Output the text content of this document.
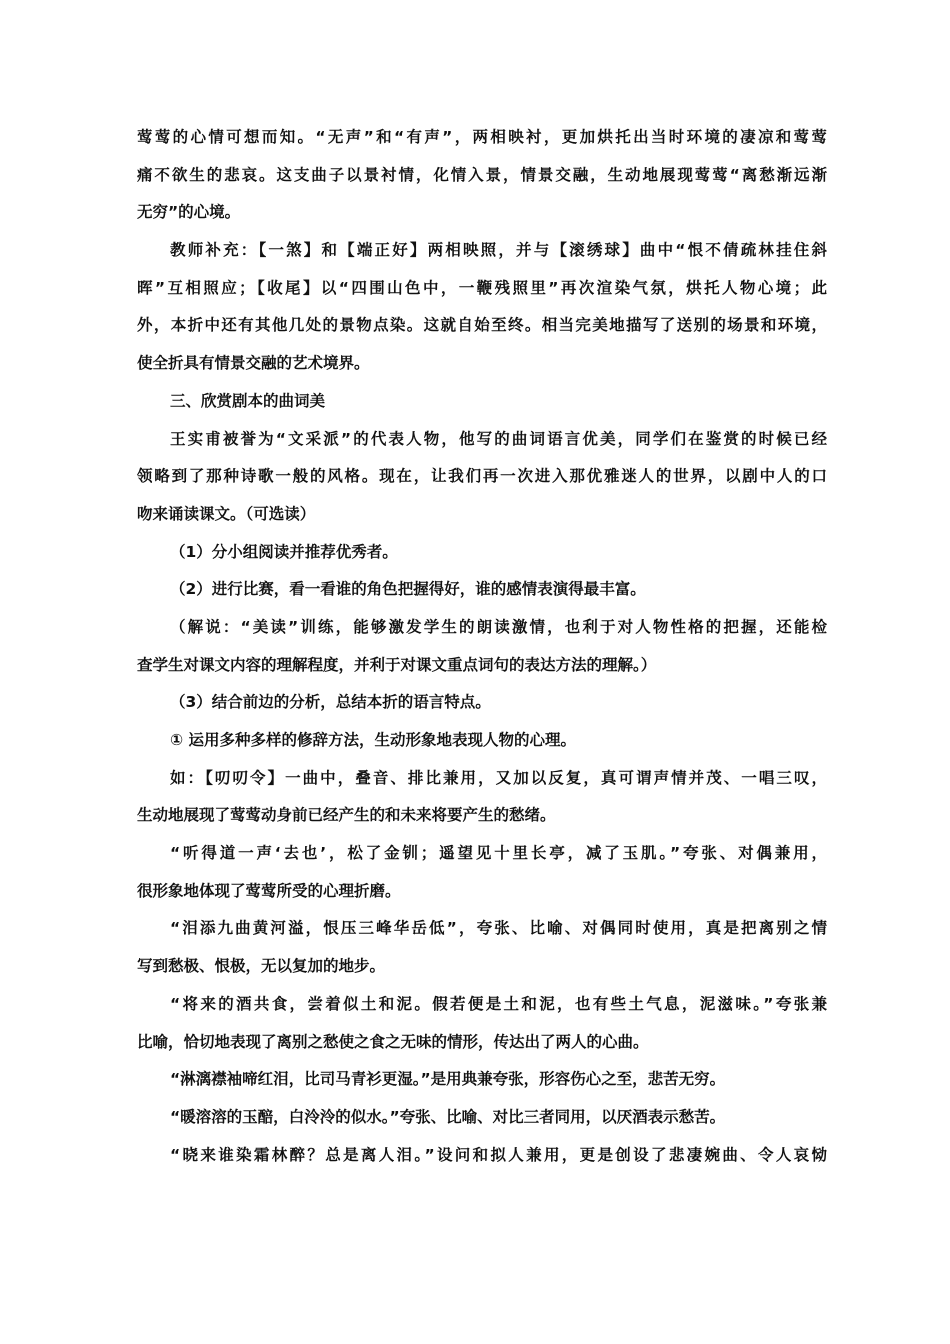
莺莺的心情可想而知。“无声”和“有声”，两相映衬，更加烘托出当时环境的凄凉和莺莺
痛不欲生的悲哀。这支曲子以景衬情，化情入景，情景交融，生动地展现莺莺“离愁渐远渐
无穷”的心境。
教师补充：【一煞】和【端正好】两相映照，并与【滚绣球】曲中“恨不倩疏林挂住斜
晖”互相照应；【收尾】以“四围山色中，一鞭残照里”再次渲染气氛，烘托人物心境；此
外，本折中还有其他几处的景物点染。这就自始至终。相当完美地描写了送别的场景和环境，
使全折具有情景交融的艺术境界。
三、欣赏剧本的曲词美
王实甫被誉为“文采派”的代表人物，他写的曲词语言优美，同学们在鉴赏的时候已经
领略到了那种诗歌一般的风格。现在，让我们再一次进入那优雅迷人的世界，以剧中人的口
吻来诵读课文。（可选读）
（1）分小组阅读并推荐优秀者。
（2）进行比赛，看一看谁的角色把握得好，谁的感情表演得最丰富。
（解说：“美读”训练，能够激发学生的朗读激情，也利于对人物性格的把握，还能检
查学生对课文内容的理解程度，并利于对课文重点词句的表达方法的理解。）
（3）结合前边的分析，总结本折的语言特点。
① 运用多种多样的修辞方法，生动形象地表现人物的心理。
如：【叨叨令】一曲中，叠音、排比兼用，又加以反复，真可谓声情并茂、一唱三叹，
生动地展现了莺莺动身前已经产生的和未来将要产生的愁绪。
“听得道一声‘去也’，松了金钏；遥望见十里长亭，减了玉肌。”夸张、对偶兼用，
很形象地体现了莺莺所受的心理折磨。
“泪添九曲黄河溢，恨压三峰华岳低”，夸张、比喻、对偶同时使用，真是把离别之情
写到愁极、恨极，无以复加的地步。
“将来的酒共食，尝着似土和泥。假若便是土和泥，也有些土气息，泥滋味。”夸张兼
比喻，恰切地表现了离别之愁使之食之无味的情形，传达出了两人的心曲。
“淋漓襟袖啼红泪，比司马青衫更湿。”是用典兼夸张，形容伤心之至，悲苦无穷。
“暖溶溶的玉醅，白泠泠的似水。”夸张、比喻、对比三者同用，以厌酒表示愁苦。
“晓来谁染霜林醉？总是离人泪。”设问和拟人兼用，更是创设了悲凄婉曲、令人哀恸
